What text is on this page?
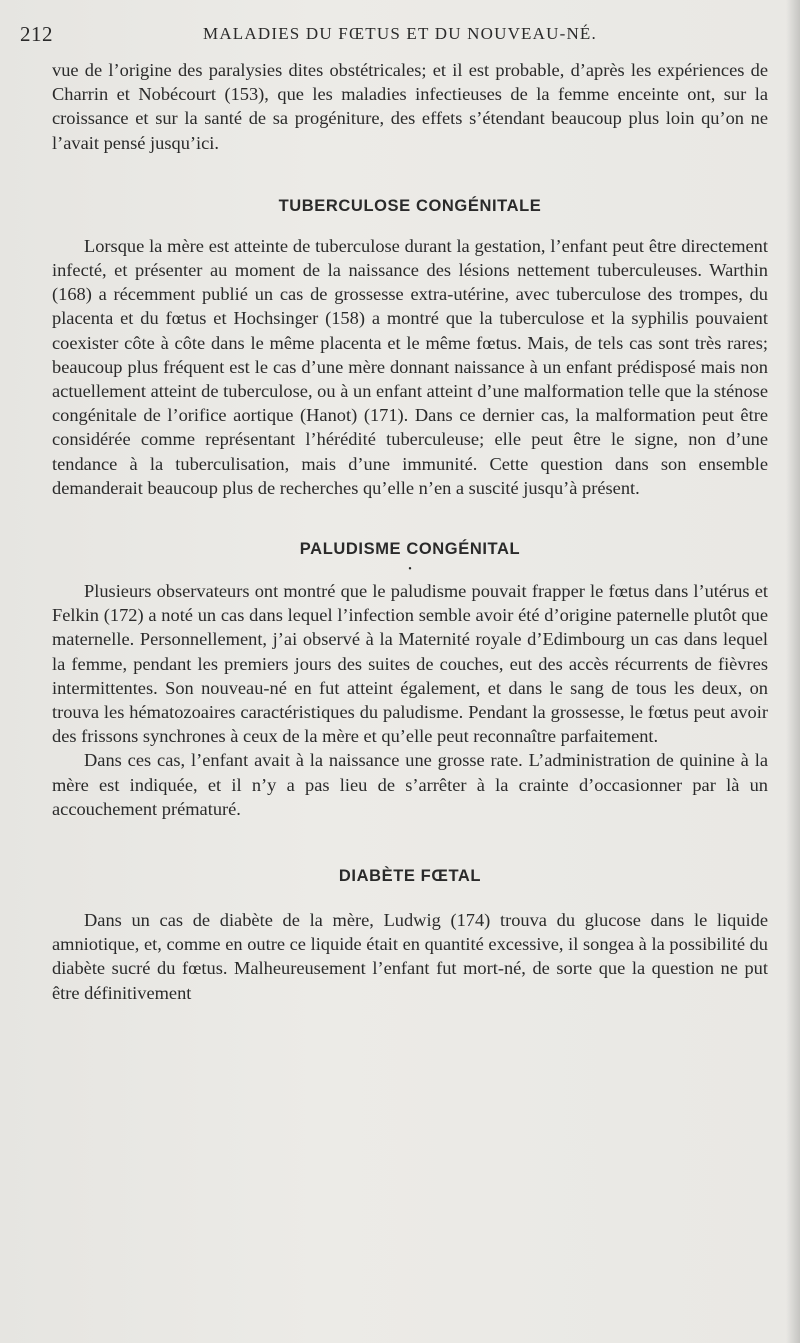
212	MALADIES DU FŒTUS ET DU NOUVEAU-NÉ.

vue de l’origine des paralysies dites obstétricales; et il est probable, d’après les expériences de Charrin et Nobécourt (153), que les maladies infectieuses de la femme enceinte ont, sur la croissance et sur la santé de sa progéniture, des effets s’étendant beaucoup plus loin qu’on ne l’avait pensé jusqu’ici.

TUBERCULOSE CONGÉNITALE

Lorsque la mère est atteinte de tuberculose durant la gestation, l’enfant peut être directement infecté, et présenter au moment de la naissance des lésions nettement tuberculeuses. Warthin (168) a récemment publié un cas de grossesse extra-utérine, avec tuberculose des trompes, du placenta et du fœtus et Hochsinger (158) a montré que la tuberculose et la syphilis pouvaient coexister côte à côte dans le même placenta et le même fœtus. Mais, de tels cas sont très rares; beaucoup plus fréquent est le cas d’une mère donnant naissance à un enfant prédisposé mais non actuellement atteint de tuberculose, ou à un enfant atteint d’une malformation telle que la sténose congénitale de l’orifice aortique (Hanot) (171). Dans ce dernier cas, la malformation peut être considérée comme représentant l’hérédité tuberculeuse; elle peut être le signe, non d’une tendance à la tuberculisation, mais d’une immunité. Cette question dans son ensemble demanderait beaucoup plus de recherches qu’elle n’en a suscité jusqu’à présent.

PALUDISME CONGÉNITAL
•

Plusieurs observateurs ont montré que le paludisme pouvait frapper le fœtus dans l’utérus et Felkin (172) a noté un cas dans lequel l’infection semble avoir été d’origine paternelle plutôt que maternelle. Personnellement, j’ai observé à la Maternité royale d’Edimbourg un cas dans lequel la femme, pendant les premiers jours des suites de couches, eut des accès récurrents de fièvres intermittentes. Son nouveau-né en fut atteint également, et dans le sang de tous les deux, on trouva les hématozoaires caractéristiques du paludisme. Pendant la grossesse, le fœtus peut avoir des frissons synchrones à ceux de la mère et qu’elle peut reconnaître parfaitement.

Dans ces cas, l’enfant avait à la naissance une grosse rate. L’administration de quinine à la mère est indiquée, et il n’y a pas lieu de s’arrêter à la crainte d’occasionner par là un accouchement prématuré.

DIABÈTE FŒTAL

Dans un cas de diabète de la mère, Ludwig (174) trouva du glucose dans le liquide amniotique, et, comme en outre ce liquide était en quantité excessive, il songea à la possibilité du diabète sucré du fœtus. Malheureusement l’enfant fut mort-né, de sorte que la question ne put être définitivement
